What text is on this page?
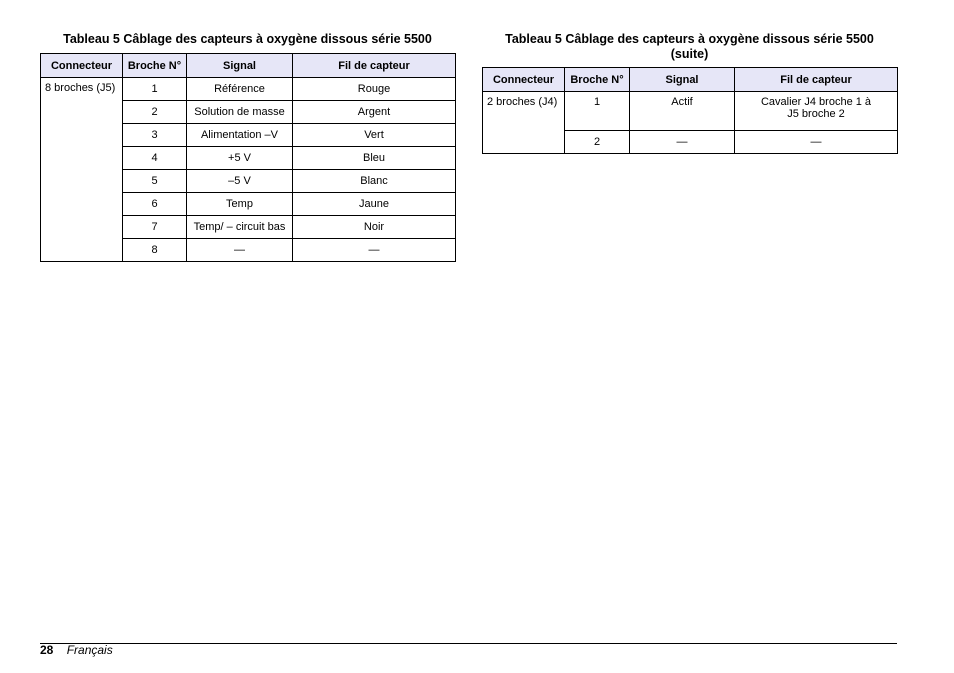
Tableau 5 Câblage des capteurs à oxygène dissous série 5500
Connecteur	Broche N°	Signal	Fil de capteur
8 broches (J5)	1	Référence	Rouge
	2	Solution de masse	Argent
	3	Alimentation –V	Vert
	4	+5 V	Bleu
	5	–5 V	Blanc
	6	Temp	Jaune
	7	Temp/ – circuit bas	Noir
	8	—	—
Tableau 5 Câblage des capteurs à oxygène dissous série 5500
(suite)
Connecteur	Broche N°	Signal	Fil de capteur
2 broches (J4)	1	Actif	Cavalier J4 broche 1 à
J5 broche 2

	2	—	—
28 Français
